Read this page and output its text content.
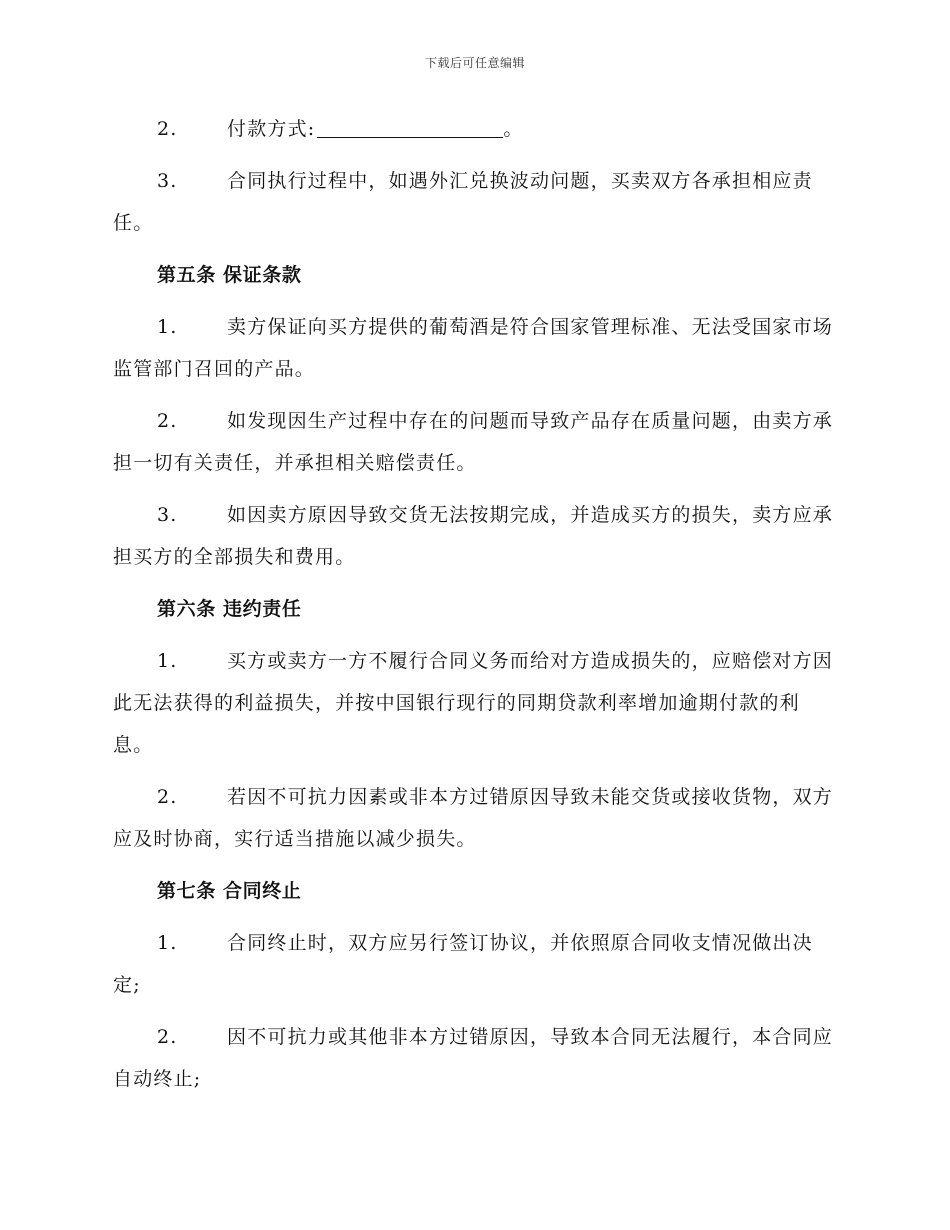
下载后可任意编辑

2.	付款方式:	。

3.	合同执行过程中，如遇外汇兑换波动问题，买卖双方各承担相应责任。

第五条 保证条款

1.	卖方保证向买方提供的葡萄酒是符合国家管理标准、无法受国家市场监管部门召回的产品。

2.	如发现因生产过程中存在的问题而导致产品存在质量问题，由卖方承担一切有关责任，并承担相关赔偿责任。

3.	如因卖方原因导致交货无法按期完成，并造成买方的损失，卖方应承担买方的全部损失和费用。

第六条 违约责任

1.	买方或卖方一方不履行合同义务而给对方造成损失的，应赔偿对方因此无法获得的利益损失，并按中国银行现行的同期贷款利率增加逾期付款的利息。

2.	若因不可抗力因素或非本方过错原因导致未能交货或接收货物，双方应及时协商，实行适当措施以减少损失。

第七条 合同终止

1.	合同终止时，双方应另行签订协议，并依照原合同收支情况做出决定;

2.	因不可抗力或其他非本方过错原因，导致本合同无法履行，本合同应自动终止;
